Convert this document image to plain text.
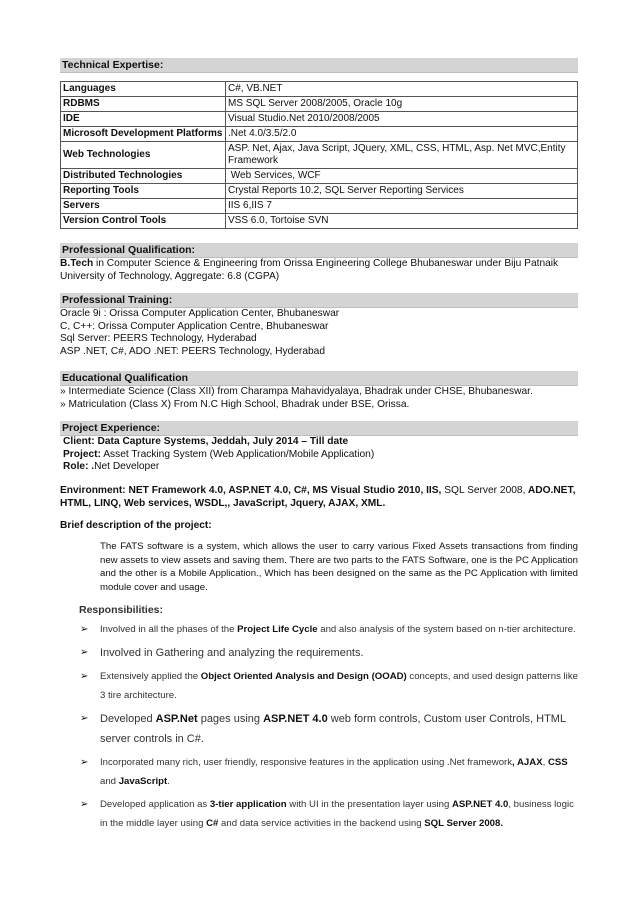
Technical Expertise:
Languages	C#, VB.NET
RDBMS	MS SQL Server 2008/2005, Oracle 10g
IDE	Visual Studio.Net 2010/2008/2005
Microsoft Development Platforms	.Net 4.0/3.5/2.0
Web Technologies	ASP. Net, Ajax, Java Script, JQuery, XML, CSS, HTML, Asp. Net MVC,Entity Framework
Distributed Technologies	Web Services, WCF
Reporting Tools	Crystal Reports 10.2, SQL Server Reporting Services
Servers	IIS 6,IIS 7
Version Control Tools	VSS 6.0, Tortoise SVN
Professional Qualification:
B.Tech in Computer Science & Engineering from Orissa Engineering College Bhubaneswar under Biju Patnaik University of Technology, Aggregate: 6.8 (CGPA)
Professional Training:
Oracle 9i : Orissa Computer Application Center, Bhubaneswar
C, C++: Orissa Computer Application Centre, Bhubaneswar
Sql Server: PEERS Technology, Hyderabad
ASP .NET, C#, ADO .NET: PEERS Technology, Hyderabad
Educational Qualification
» Intermediate Science (Class XII) from Charampa Mahavidyalaya, Bhadrak under CHSE, Bhubaneswar.
» Matriculation (Class X) From N.C High School, Bhadrak under BSE, Orissa.
Project Experience:
Client: Data Capture Systems, Jeddah, July 2014 – Till date
Project: Asset Tracking System (Web Application/Mobile Application)
Role: .Net Developer
Environment: NET Framework 4.0, ASP.NET 4.0, C#, MS Visual Studio 2010, IIS, SQL Server 2008, ADO.NET, HTML, LINQ, Web services, WSDL,, JavaScript, Jquery, AJAX, XML.
Brief description of the project:
The FATS software is a system, which allows the user to carry various Fixed Assets transactions from finding new assets to view assets and saving them. There are two parts to the FATS Software, one is the PC Application and the other is a Mobile Application., Which has been designed on the same as the PC Application with limited module cover and usage.
Responsibilities:
➢ Involved in all the phases of the Project Life Cycle and also analysis of the system based on n-tier architecture.
➢ Involved in Gathering and analyzing the requirements.
➢ Extensively applied the Object Oriented Analysis and Design (OOAD) concepts, and used design patterns like 3 tire architecture.
➢ Developed ASP.Net pages using ASP.NET 4.0 web form controls, Custom user Controls, HTML server controls in C#.
➢ Incorporated many rich, user friendly, responsive features in the application using .Net framework, AJAX, CSS and JavaScript.
➢ Developed application as 3-tier application with UI in the presentation layer using ASP.NET 4.0, business logic in the middle layer using C# and data service activities in the backend using SQL Server 2008.
